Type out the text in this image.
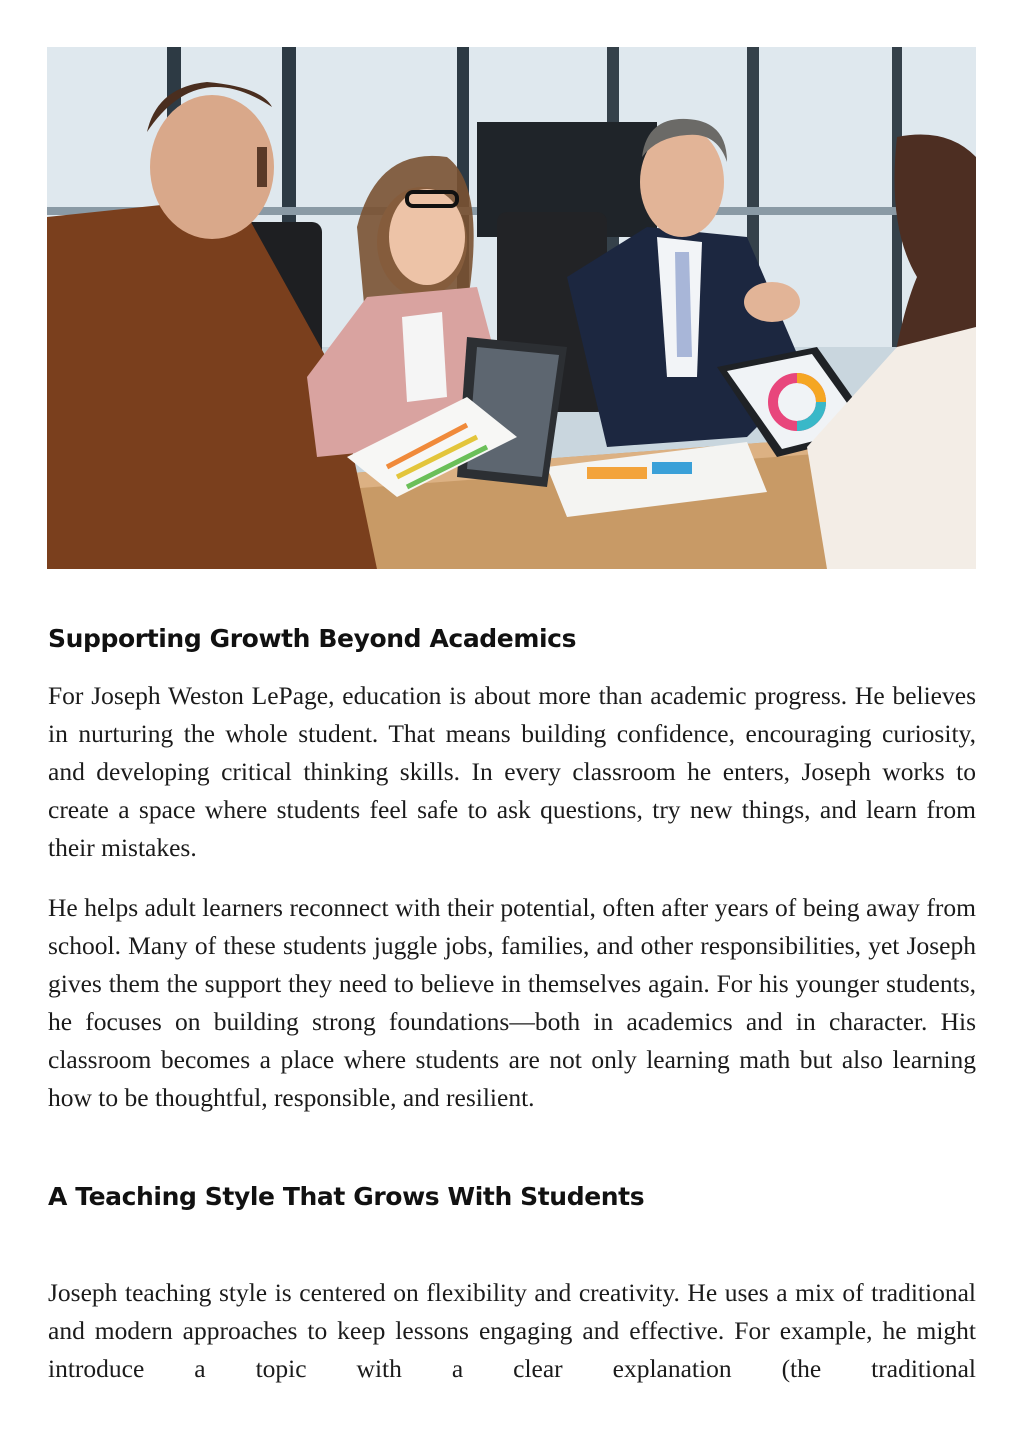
Supporting Growth Beyond Academics

For Joseph Weston LePage, education is about more than academic progress. He believes in nurturing the whole student. That means building confidence, encouraging curiosity, and developing critical thinking skills. In every classroom he enters, Joseph works to create a space where students feel safe to ask questions, try new things, and learn from their mistakes.

He helps adult learners reconnect with their potential, often after years of being away from school. Many of these students juggle jobs, families, and other responsibilities, yet Joseph gives them the support they need to believe in themselves again. For his younger students, he focuses on building strong foundations—both in academics and in character. His classroom becomes a place where students are not only learning math but also learning how to be thoughtful, responsible, and resilient.

A Teaching Style That Grows With Students

Joseph teaching style is centered on flexibility and creativity. He uses a mix of traditional and modern approaches to keep lessons engaging and effective. For example, he might introduce a topic with a clear explanation (the traditional
